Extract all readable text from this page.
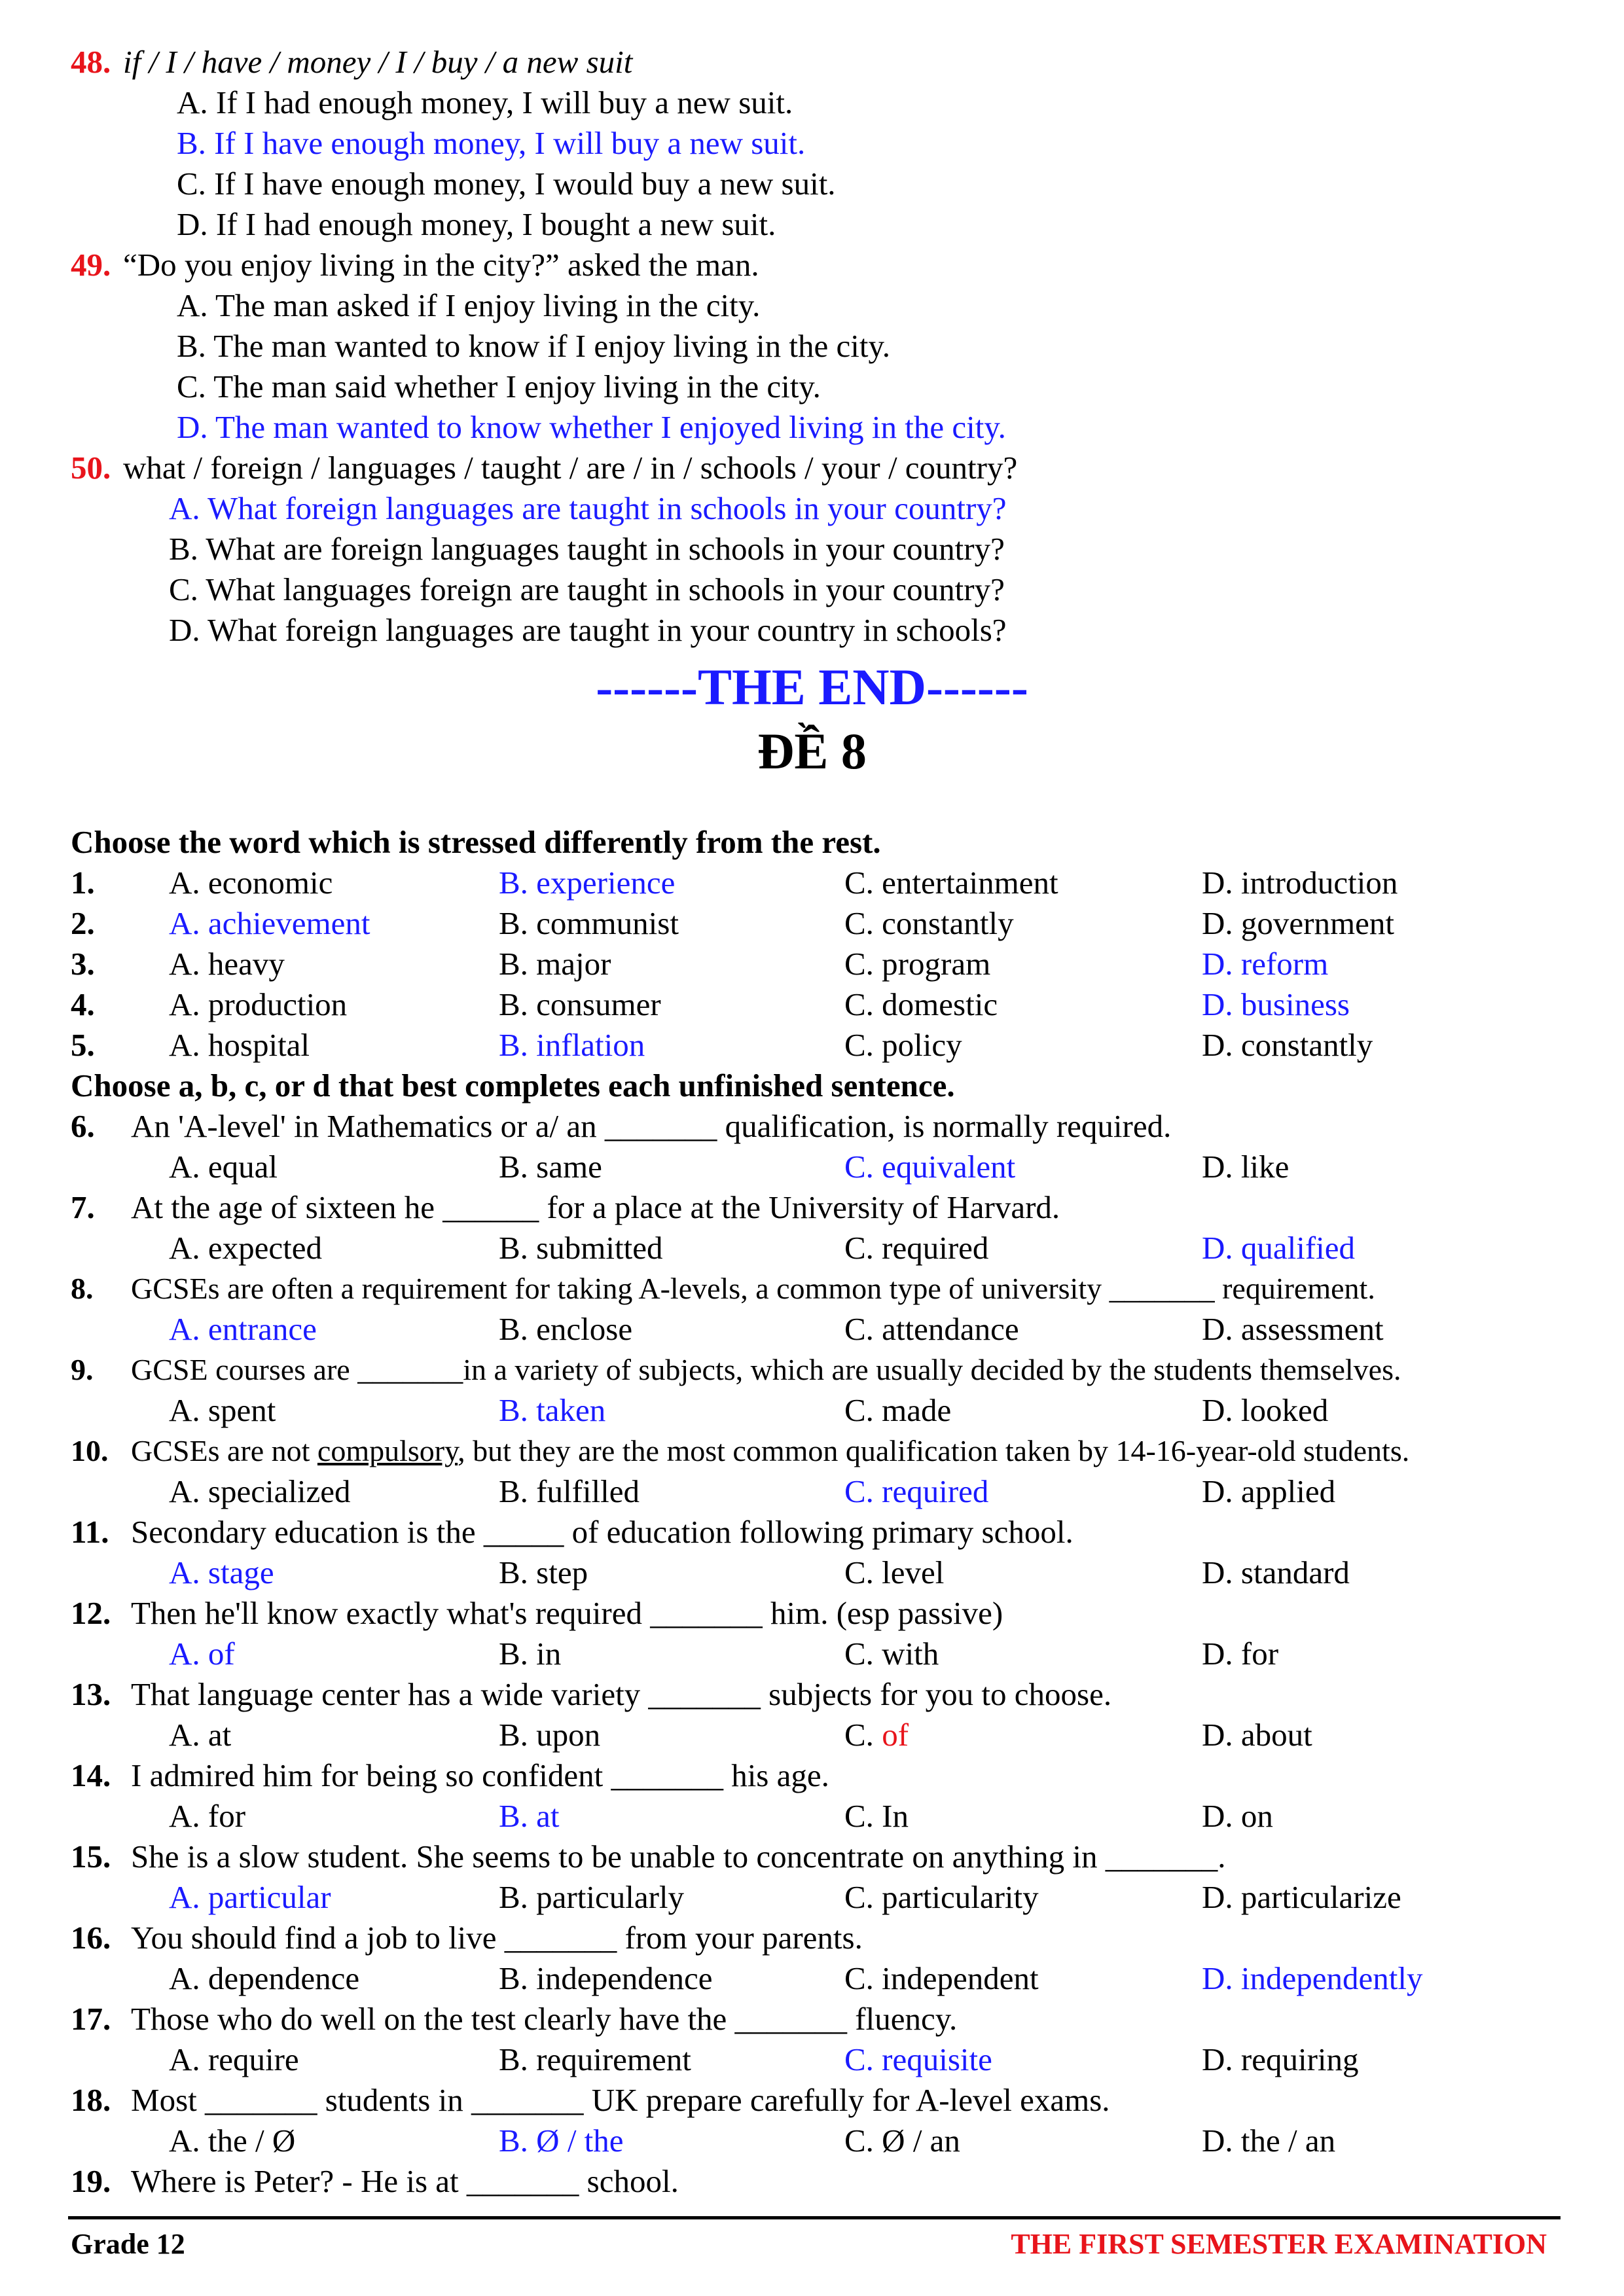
48. if / I / have / money / I / buy / a new suit
A. If I had enough money, I will buy a new suit.
B. If I have enough money, I will buy a new suit.
C. If I have enough money, I would buy a new suit.
D. If I had enough money, I bought a new suit.
49. “Do you enjoy living in the city?” asked the man.
A. The man asked if I enjoy living in the city.
B. The man wanted to know if I enjoy living in the city.
C. The man said whether I enjoy living in the city.
D. The man wanted to know whether I enjoyed living in the city.
50. what / foreign / languages / taught / are / in / schools / your / country?
A. What foreign languages are taught in schools in your country?
B. What are foreign languages taught in schools in your country?
C. What languages foreign are taught in schools in your country?
D. What foreign languages are taught in your country in schools?
------THE END------
ĐỀ 8
Choose the word which is stressed differently from the rest.
1. A. economic	B. experience	C. entertainment	D. introduction
2. A. achievement	B. communist	C. constantly	D. government
3. A. heavy	B. major	C. program	D. reform
4. A. production	B. consumer	C. domestic	D. business
5. A. hospital	B. inflation	C. policy	D. constantly
Choose a, b, c, or d that best completes each unfinished sentence.
6. An 'A-level' in Mathematics or a/ an _______ qualification, is normally required.
A. equal	B. same	C. equivalent	D. like
7. At the age of sixteen he ______ for a place at the University of Harvard.
A. expected	B. submitted	C. required	D. qualified
8. GCSEs are often a requirement for taking A-levels, a common type of university _______ requirement.
A. entrance	B. enclose	C. attendance	D. assessment
9. GCSE courses are _______in a variety of subjects, which are usually decided by the students themselves.
A. spent	B. taken	C. made	D. looked
10. GCSEs are not compulsory, but they are the most common qualification taken by 14-16-year-old students.
A. specialized	B. fulfilled	C. required	D. applied
11. Secondary education is the _____ of education following primary school.
A. stage	B. step	C. level	D. standard
12. Then he'll know exactly what's required _______ him. (esp passive)
A. of	B. in	C. with	D. for
13. That language center has a wide variety _______ subjects for you to choose.
A. at	B. upon	C. of	D. about
14. I admired him for being so confident _______ his age.
A. for	B. at	C. In	D. on
15. She is a slow student. She seems to be unable to concentrate on anything in _______.
A. particular	B. particularly	C. particularity	D. particularize
16. You should find a job to live _______ from your parents.
A. dependence	B. independence	C. independent	D. independently
17. Those who do well on the test clearly have the _______ fluency.
A. require	B. requirement	C. requisite	D. requiring
18. Most _______ students in _______ UK prepare carefully for A-level exams.
A. the / Ø	B. Ø / the	C. Ø / an	D. the / an
19. Where is Peter? - He is at _______ school.
Grade 12	THE FIRST SEMESTER EXAMINATION
